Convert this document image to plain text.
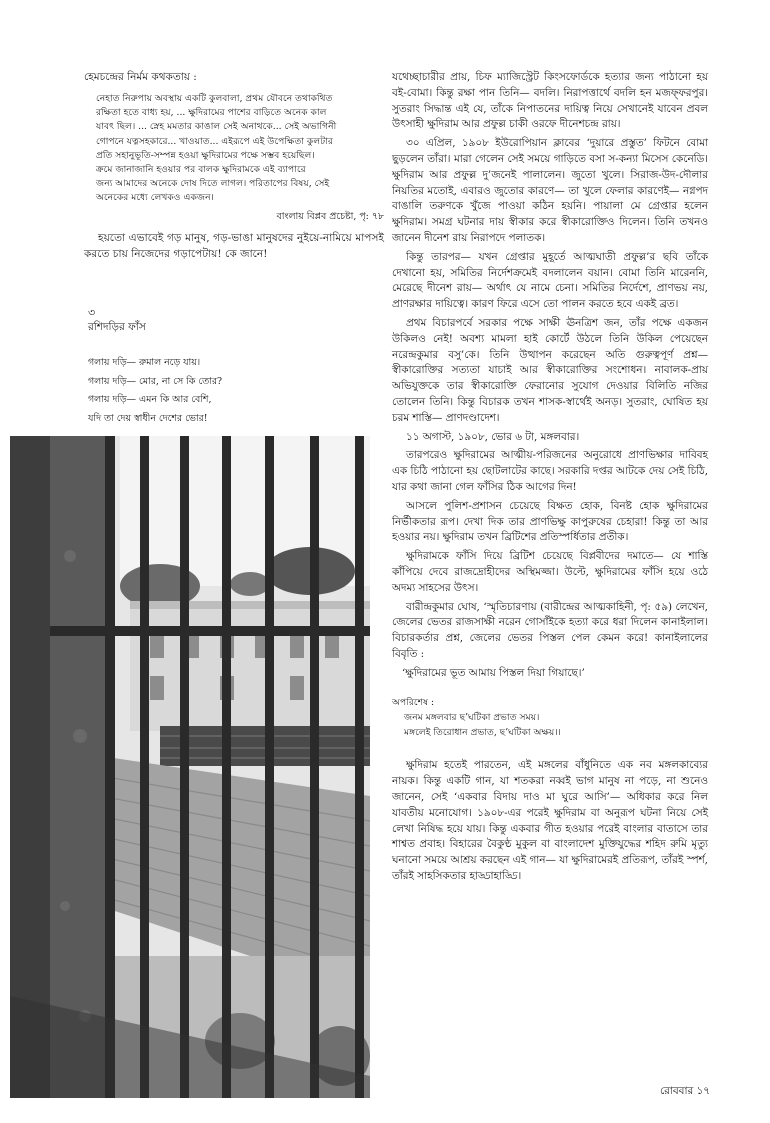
হেমচন্দ্রের নির্মম কথকতায় :

নেহাত নিরুপায় অবস্থায় একটি কুলবালা, প্রথম যৌবনে তথাকথিত

রক্ষিতা হতে বাধ্য হয়, ... ক্ষুদিরামের পাশের বাড়িতে অনেক কাল

যাবৎ ছিল। ... স্নেহ মমতার কাঙাল সেই অনাথকে... সেই অভাগিনী

গোপনে যত্নসহকারে... খাওয়াত... এইরূপে এই উপেক্ষিতা কুলটার

প্রতি সহানুভূতি-সম্পন্ন হওয়া ক্ষুদিরামের পক্ষে সম্ভব হয়েছিল।

ক্রমে জানাজানি হওয়ার পর বালক ক্ষুদিরামকে এই ব্যাপারে

জন্য আমাদের অনেকে দোষ দিতে লাগল। পরিতাপের বিষয়, সেই

অনেকের মধ্যে লেখকও একজন।

বাংলায় বিপ্লব প্রচেষ্টা, পৃ: ৭৮
হয়তো এভাবেই গড় মানুষ, গড়-ভাঙা মানুষদের নুইয়ে-নামিয়ে মাপসই করতে চায় নিজেদের গড়াপেটায়! কে জানে!
৩
রশিদড়ির ফাঁস
গলায় দড়ি— রুমাল নড়ে যায়।
গলায় দড়ি— মোর, না সে কি তোর?
গলায় দড়ি— এমন কি আর বেশি,
যদি তা দেয় স্বাধীন দেশের ভোর!

যথেচ্ছাচারীর প্রায়, চিফ ম্যাজিস্ট্রেট কিংসফোর্ডকে হত্যার জন্য পাঠানো হয় বই-বোমা। কিন্তু রক্ষা পান তিনি— বদলি। নিরাপত্তার্থে বদলি হন মজফ্ফরপুর। সুতরাং সিদ্ধান্ত এই যে, তাঁকে নিপাতনের দায়িত্ব নিয়ে সেখানেই যাবেন প্রবল উৎসাহী ক্ষুদিরাম আর প্রফুল্ল চাকী ওরফে দীনেশচন্দ্র রায়।

৩০ এপ্রিল, ১৯০৮ ইউরোপিয়ান ক্লাবের ‘দুয়ারে প্রস্তুত’ ফিটনে বোমা ছুড়লেন তাঁরা। মারা গেলেন সেই সময়ে গাড়িতে বসা স-কন্যা মিসেস কেনেডি। ক্ষুদিরাম আর প্রফুল্ল দু’জনেই পালালেন। জুতো খুলে। সিরাজ-উদ-দৌলার নিয়তির মতোই, এবারও জুতোর কারণে— তা খুলে ফেলার কারণেই— নগ্নপদ বাঙালি তরুণকে খুঁজে পাওয়া কঠিন হয়নি। পায়ালা মে গ্রেপ্তার হলেন ক্ষুদিরাম। সমগ্র ঘটনার দায় স্বীকার করে স্বীকারোক্তিও দিলেন। তিনি তখনও জানেন দীনেশ রায় নিরাপদে পলাতক।

কিন্তু তারপর— যখন গ্রেপ্তার মুহূর্তে আত্মঘাতী প্রফুল্ল’র ছবি তাঁকে দেখানো হয়, সমিতির নির্দেশক্রমেই বদলালেন বয়ান। বোমা তিনি মারেননি, মেরেছে দীনেশ রায়— অর্থাৎ যে নামে চেনা। সমিতির নির্দেশে, প্রাণভয় নয়, প্রাণরক্ষার দায়িত্বে। কারণ ফিরে এসে তো পালন করতে হবে একই ব্রত।

প্রথম বিচারপর্বে সরকার পক্ষে সাক্ষী ঊনত্রিশ জন, তাঁর পক্ষে একজন উকিলও নেই! অবশ্য মামলা হাই কোর্টে উঠলে তিনি উকিল পেয়েছেন নরেন্দ্রকুমার বসু’কে। তিনি উত্থাপন করেছেন অতি গুরুত্বপূর্ণ প্রশ্ন— স্বীকারোক্তির সত্যতা যাচাই আর স্বীকারোক্তির সংশোধন। নাবালক-প্রায় অভিযুক্তকে তার স্বীকারোক্তি ফেরানোর সুযোগ দেওয়ার বিলিতি নজির তোলেন তিনি। কিন্তু বিচারক তখন শাসক-স্বার্থেই অনড়। সুতরাং, ঘোষিত হয় চরম শাস্তি— প্রাণদণ্ডাদেশ।

১১ অগাস্ট, ১৯০৮, ভোর ৬ টা, মঙ্গলবার।

তারপরেও ক্ষুদিরামের আত্মীয়-পরিজনের অনুরোধে প্রাণভিক্ষার দাবিবহ এক চিঠি পাঠানো হয় ছোটলাটের কাছে। সরকারি দপ্তর আটকে দেয় সেই চিঠি, যার কথা জানা গেল ফাঁসির ঠিক আগের দিন!

আসলে পুলিশ-প্রশাসন চেয়েছে বিক্ষত হোক, বিনষ্ট হোক ক্ষুদিরামের নির্ভীকতার রূপ। দেখা দিক তার প্রাণভিক্ষু কাপুরুষের চেহারা! কিন্তু তা আর হওয়ার নয়। ক্ষুদিরাম তখন ব্রিটিশের প্রতিস্পর্ধিতার প্রতীক।

ক্ষুদিরামকে ফাঁসি দিয়ে ব্রিটিশ চেয়েছে বিপ্লবীদের দমাতে— যে শাস্তি কাঁপিয়ে দেবে রাজদ্রোহীদের অস্থিমজ্জা। উল্টে, ক্ষুদিরামের ফাঁসি হয়ে ওঠে অদম্য সাহসের উৎস।

বারীন্দ্রকুমার ঘোষ, ‘স্মৃতিচারণায় (বারীন্দ্রের আত্মকাহিনী, পৃ: ৫৯) লেখেন, জেলের ভেতর রাজসাক্ষী নরেন গোসাঁইকে হত্যা করে ধরা দিলেন কানাইলাল। বিচারকর্তার প্রশ্ন, জেলের ভেতর পিস্তল পেল কেমন করে! কানাইলালের বিবৃতি :

‘ক্ষুদিরামের ভূত আমায় পিস্তল দিয়া গিয়াছে।’

অপরিশেষ :
জনম মঙ্গলবার ছ’ঘটিকা প্রভাত সময়।
মঙ্গলেই তিরোধান প্রভাত, ছ’ঘটিকা অক্ষয়।।

ক্ষুদিরাম হতেই পারতেন, এই মঙ্গলের বাঁধুনিতে এক নব মঙ্গলকাব্যের নায়ক। কিন্তু একটি গান, যা শতকরা নব্বই ভাগ মানুষ না পড়ে, না শুনেও জানেন, সেই ‘একবার বিদায় দাও মা ঘুরে আসি’— অধিকার করে নিল যাবতীয় মনোযোগ। ১৯০৮-এর পরেই ক্ষুদিরাম বা অনুরূপ ঘটনা নিয়ে সেই লেখা নিষিদ্ধ হয়ে যায়। কিন্তু একবার গীত হওয়ার পরেই বাংলার বাতাসে তার শাশ্বত প্রবাহ। বিহারের বৈকুণ্ঠ মুকুল বা বাংলাদেশ মুক্তিযুদ্ধের শহিদ রুমি মৃত্যু ঘনানো সময়ে আশ্রয় করছেন এই গান— যা ক্ষুদিরামেরই প্রতিরূপ, তাঁরই স্পর্শ, তাঁরই সাহসিকতার হাড্ডাহাড্ডি।

রোববার ১৭
